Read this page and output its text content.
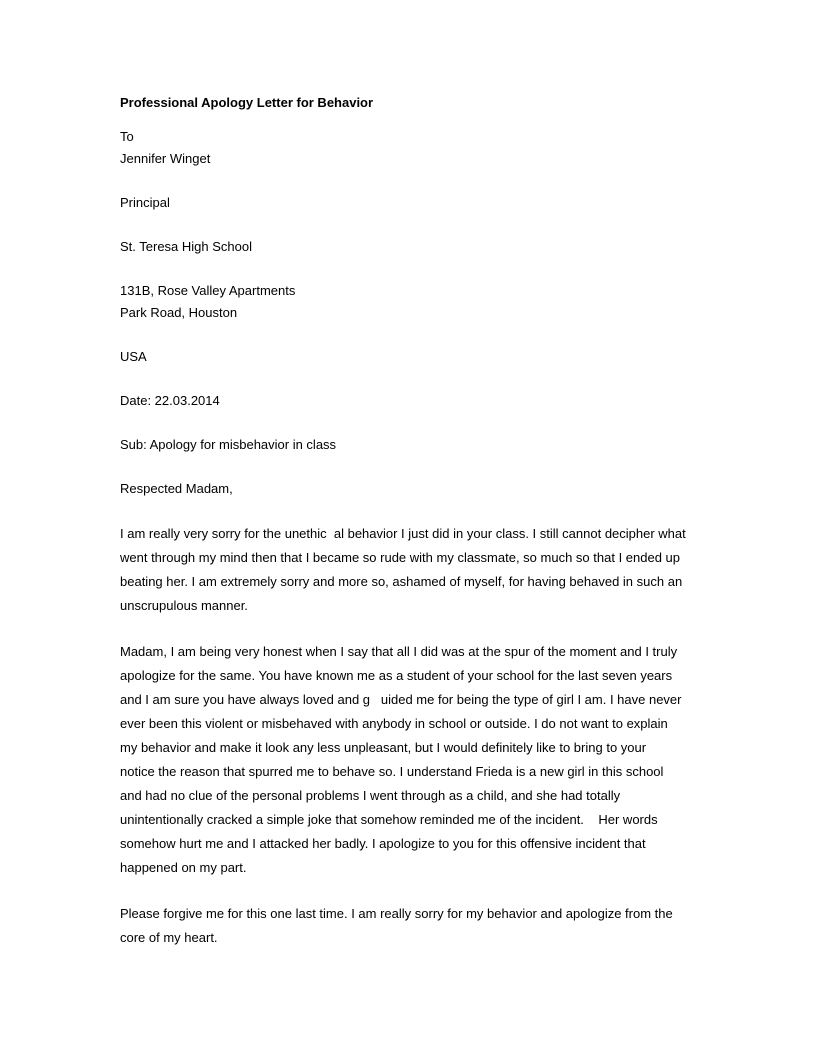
Professional Apology Letter for Behavior
To
Jennifer Winget
Principal
St. Teresa High School
131B, Rose Valley Apartments
Park Road, Houston
USA
Date: 22.03.2014
Sub: Apology for misbehavior in class
Respected Madam,
I am really very sorry for the unethic  al behavior I just did in your class. I still cannot decipher what
went through my mind then that I became so rude with my classmate, so much so that I ended up
beating her. I am extremely sorry and more so, ashamed of myself, for having behaved in such an
unscrupulous manner.
Madam, I am being very honest when I say that all I did was at the spur of the moment and I truly
apologize for the same. You have known me as a student of your school for the last seven years
and I am sure you have always loved and g   uided me for being the type of girl I am. I have never
ever been this violent or misbehaved with anybody in school or outside. I do not want to explain
my behavior and make it look any less unpleasant, but I would definitely like to bring to your
notice the reason that spurred me to behave so. I understand Frieda is a new girl in this school
and had no clue of the personal problems I went through as a child, and she had totally
unintentionally cracked a simple joke that somehow reminded me of the incident.    Her words
somehow hurt me and I attacked her badly. I apologize to you for this offensive incident that
happened on my part.
Please forgive me for this one last time. I am really sorry for my behavior and apologize from the
core of my heart.
